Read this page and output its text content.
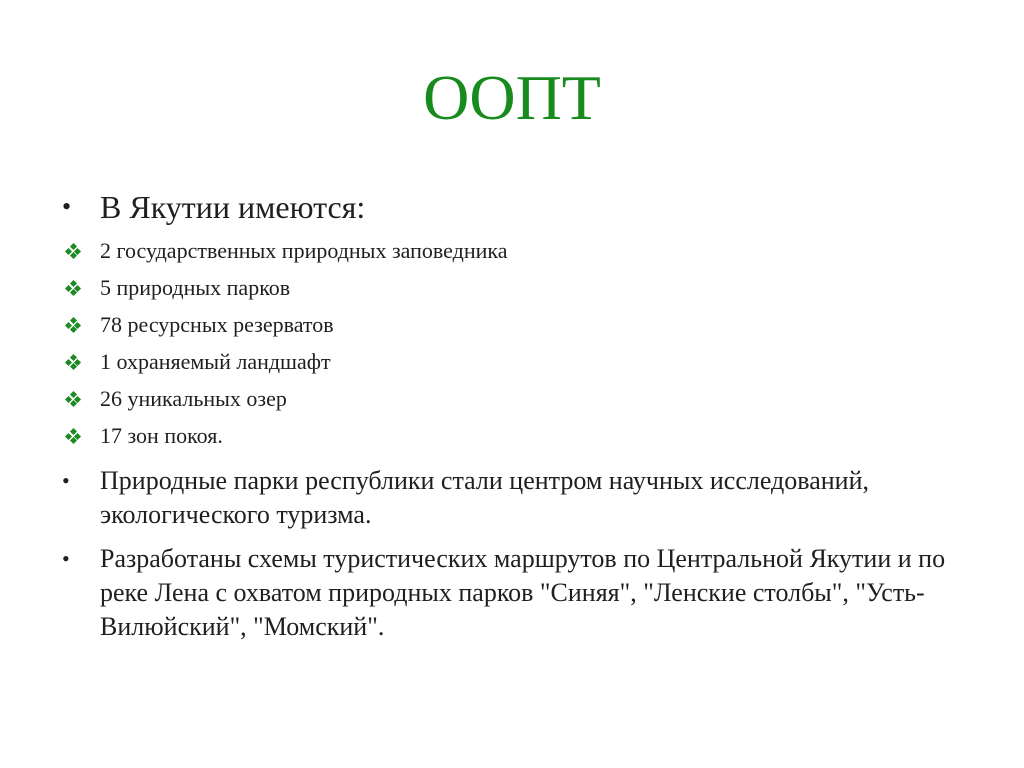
ООПТ
• В Якутии имеются:
2 государственных природных заповедника
5 природных парков
78 ресурсных резерватов
1 охраняемый ландшафт
26 уникальных озер
17 зон покоя.
•	Природные парки республики стали центром научных исследований, экологического туризма.
•	Разработаны схемы туристических маршрутов по Центральной Якутии и по реке Лена с охватом природных парков "Синяя", "Ленские столбы", "Усть-Вилюйский", "Момский".
